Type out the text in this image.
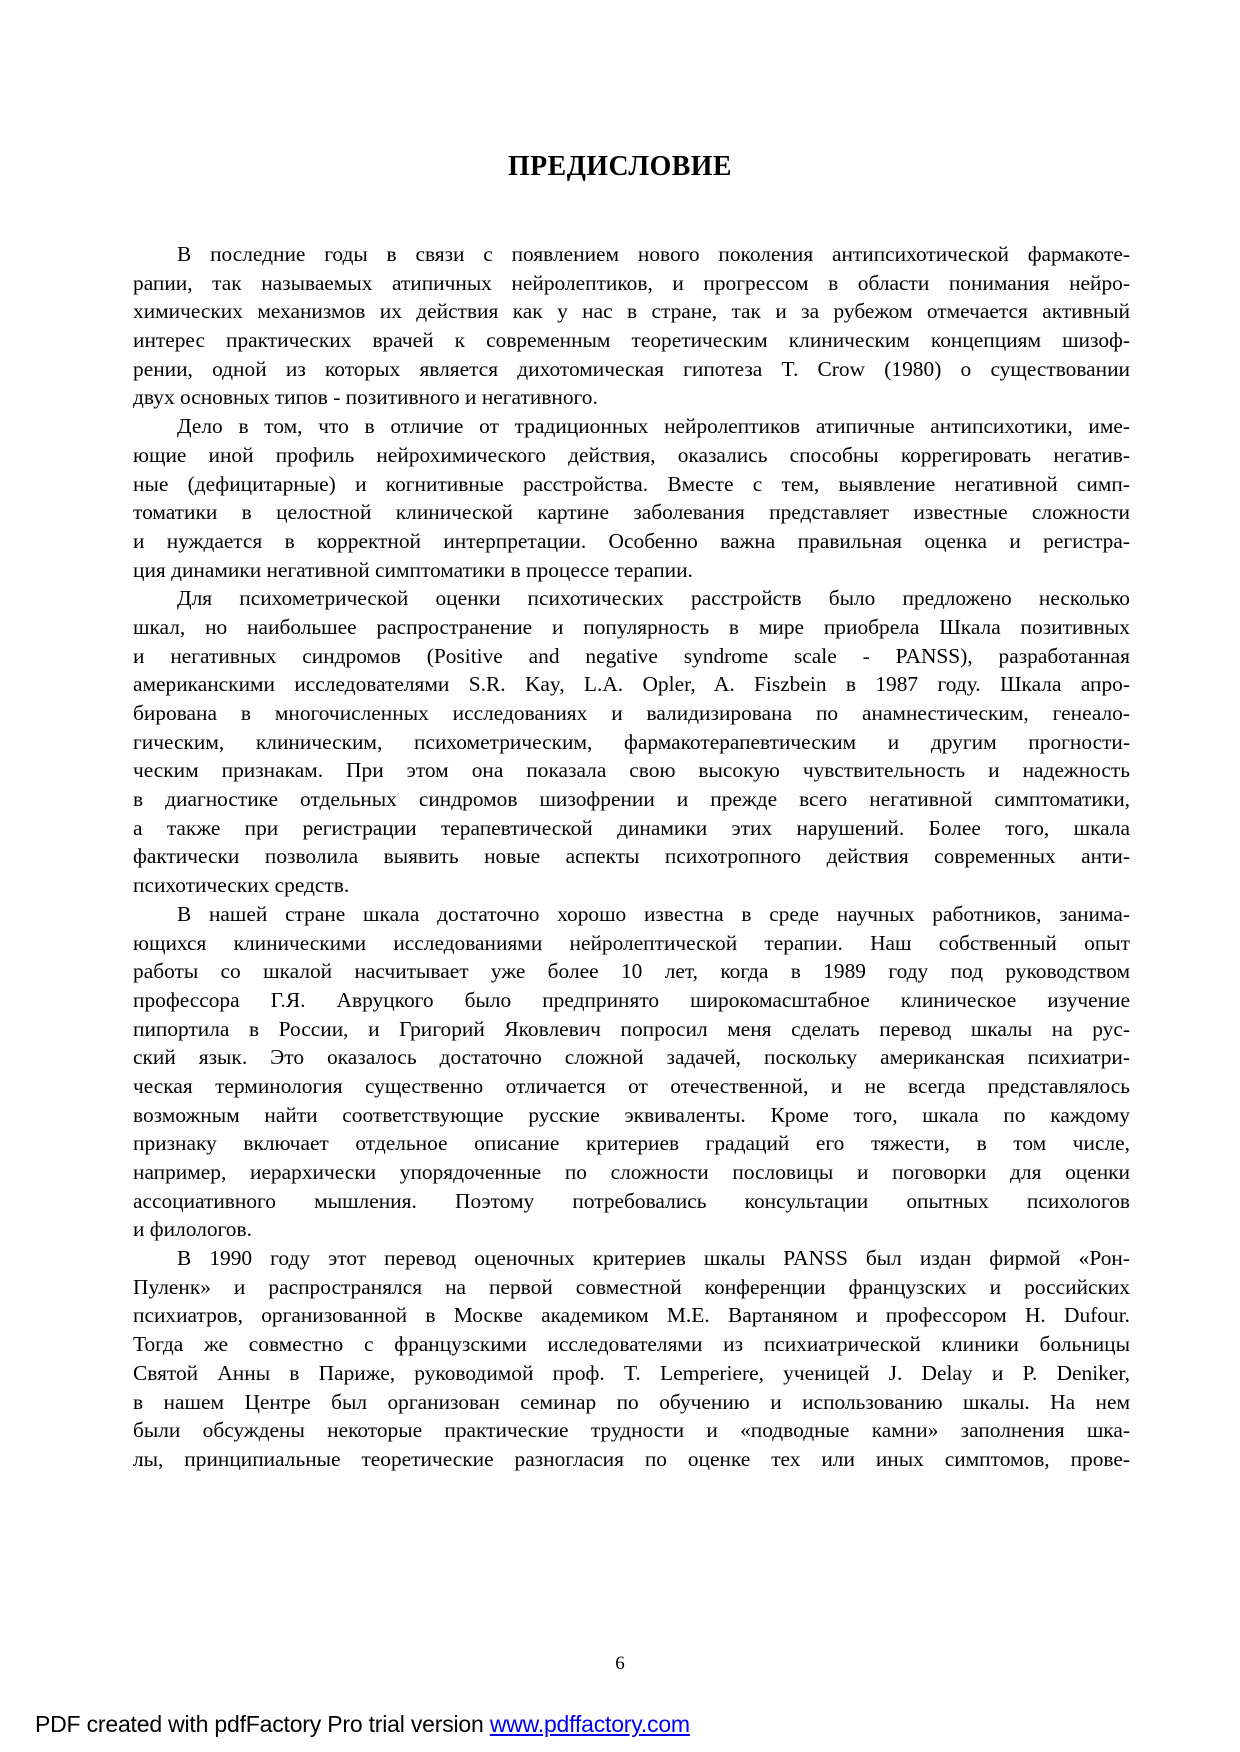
ПРЕДИСЛОВИЕ
В последние годы в связи с появлением нового поколения антипсихотической фармакоте-
рапии, так называемых атипичных нейролептиков, и прогрессом в области понимания нейро-
химических механизмов их действия как у нас в стране, так и за рубежом отмечается активный
интерес практических врачей к современным теоретическим клиническим концепциям шизоф-
рении, одной из которых является дихотомическая гипотеза T. Crow (1980) о существовании
двух основных типов - позитивного и негативного.
Дело в том, что в отличие от традиционных нейролептиков атипичные антипсихотики, име-
ющие иной профиль нейрохимического действия, оказались способны коррегировать негатив-
ные (дефицитарные) и когнитивные расстройства. Вместе с тем, выявление негативной симп-
томатики в целостной клинической картине заболевания представляет известные сложности
и нуждается в корректной интерпретации. Особенно важна правильная оценка и регистра-
ция динамики негативной симптоматики в процессе терапии.
Для психометрической оценки психотических расстройств было предложено несколько
шкал, но наибольшее распространение и популярность в мире приобрела Шкала позитивных
и негативных синдромов (Positive and negative syndrome scale - PANSS), разработанная
американскими исследователями S.R. Kay, L.A. Opler, A. Fiszbein в 1987 году. Шкала апро-
бирована в многочисленных исследованиях и валидизирована по анамнестическим, генеало-
гическим, клиническим, психометрическим, фармакотерапевтическим и другим прогности-
ческим признакам. При этом она показала свою высокую чувствительность и надежность
в диагностике отдельных синдромов шизофрении и прежде всего негативной симптоматики,
а также при регистрации терапевтической динамики этих нарушений. Более того, шкала
фактически позволила выявить новые аспекты психотропного действия современных анти-
психотических средств.
В нашей стране шкала достаточно хорошо известна в среде научных работников, занима-
ющихся клиническими исследованиями нейролептической терапии. Наш собственный опыт
работы со шкалой насчитывает уже более 10 лет, когда в 1989 году под руководством
профессора Г.Я. Авруцкого было предпринято широкомасштабное клиническое изучение
пипортила в России, и Григорий Яковлевич попросил меня сделать перевод шкалы на рус-
ский язык. Это оказалось достаточно сложной задачей, поскольку американская психиатри-
ческая терминология существенно отличается от отечественной, и не всегда представлялось
возможным найти соответствующие русские эквиваленты. Кроме того, шкала по каждому
признаку включает отдельное описание критериев градаций его тяжести, в том числе,
например, иерархически упорядоченные по сложности пословицы и поговорки для оценки
ассоциативного мышления. Поэтому потребовались консультации опытных психологов
и филологов.
В 1990 году этот перевод оценочных критериев шкалы PANSS был издан фирмой «Рон-
Пуленк» и распространялся на первой совместной конференции французских и российских
психиатров, организованной в Москве академиком М.Е. Вартаняном и профессором H. Dufour.
Тогда же совместно с французскими исследователями из психиатрической клиники больницы
Святой Анны в Париже, руководимой проф. T. Lemperiere, ученицей J. Delay и P. Deniker,
в нашем Центре был организован семинар по обучению и использованию шкалы. На нем
были обсуждены некоторые практические трудности и «подводные камни» заполнения шка-
лы, принципиальные теоретические разногласия по оценке тех или иных симптомов, прове-
6
PDF created with pdfFactory Pro trial version www.pdffactory.com
